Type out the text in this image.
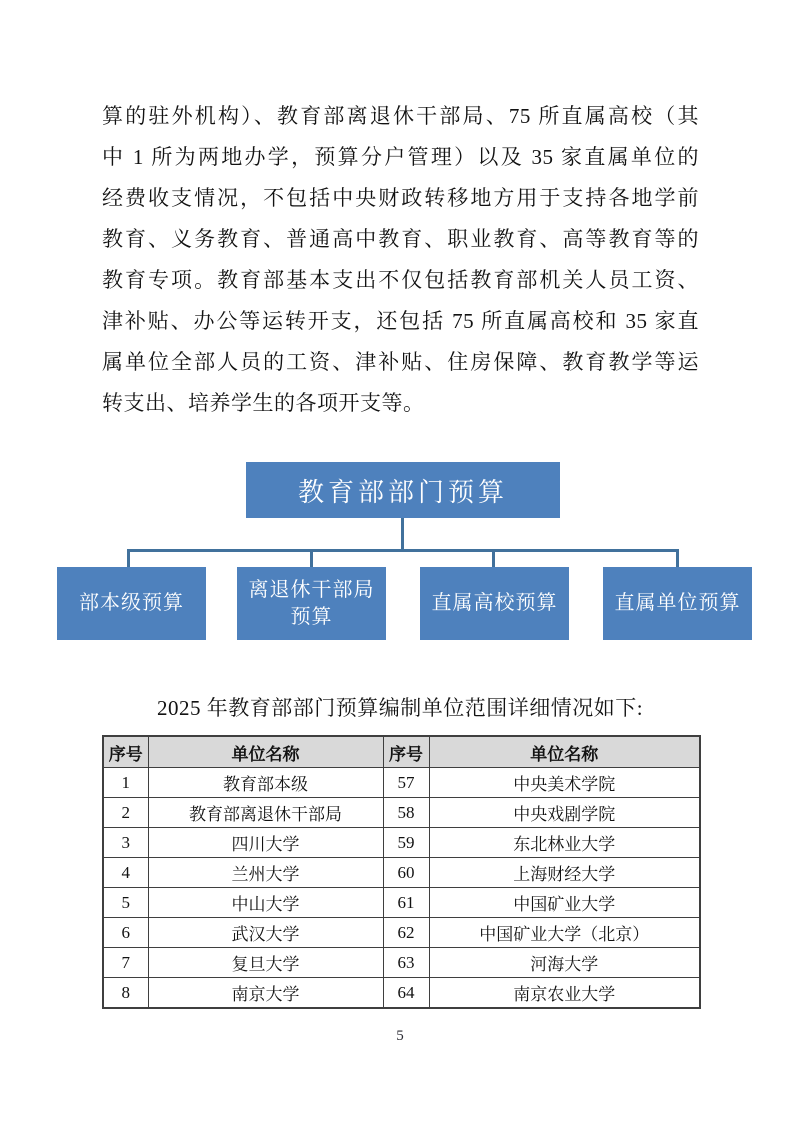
算的驻外机构）、教育部离退休干部局、75 所直属高校（其
中 1 所为两地办学，预算分户管理）以及 35 家直属单位的
经费收支情况，不包括中央财政转移地方用于支持各地学前
教育、义务教育、普通高中教育、职业教育、高等教育等的
教育专项。教育部基本支出不仅包括教育部机关人员工资、
津补贴、办公等运转开支，还包括 75 所直属高校和 35 家直
属单位全部人员的工资、津补贴、住房保障、教育教学等运
转支出、培养学生的各项开支等。
教育部部门预算
部本级预算
离退休干部局预算
直属高校预算	直属单位预算
2025 年教育部部门预算编制单位范围详细情况如下:
序号	单位名称	序号	单位名称
1	教育部本级	57	中央美术学院
2	教育部离退休干部局	58	中央戏剧学院
3	四川大学	59	东北林业大学
4	兰州大学	60	上海财经大学
5	中山大学	61	中国矿业大学
6	武汉大学	62	中国矿业大学（北京）
7	复旦大学	63	河海大学
8	南京大学	64	南京农业大学
5
